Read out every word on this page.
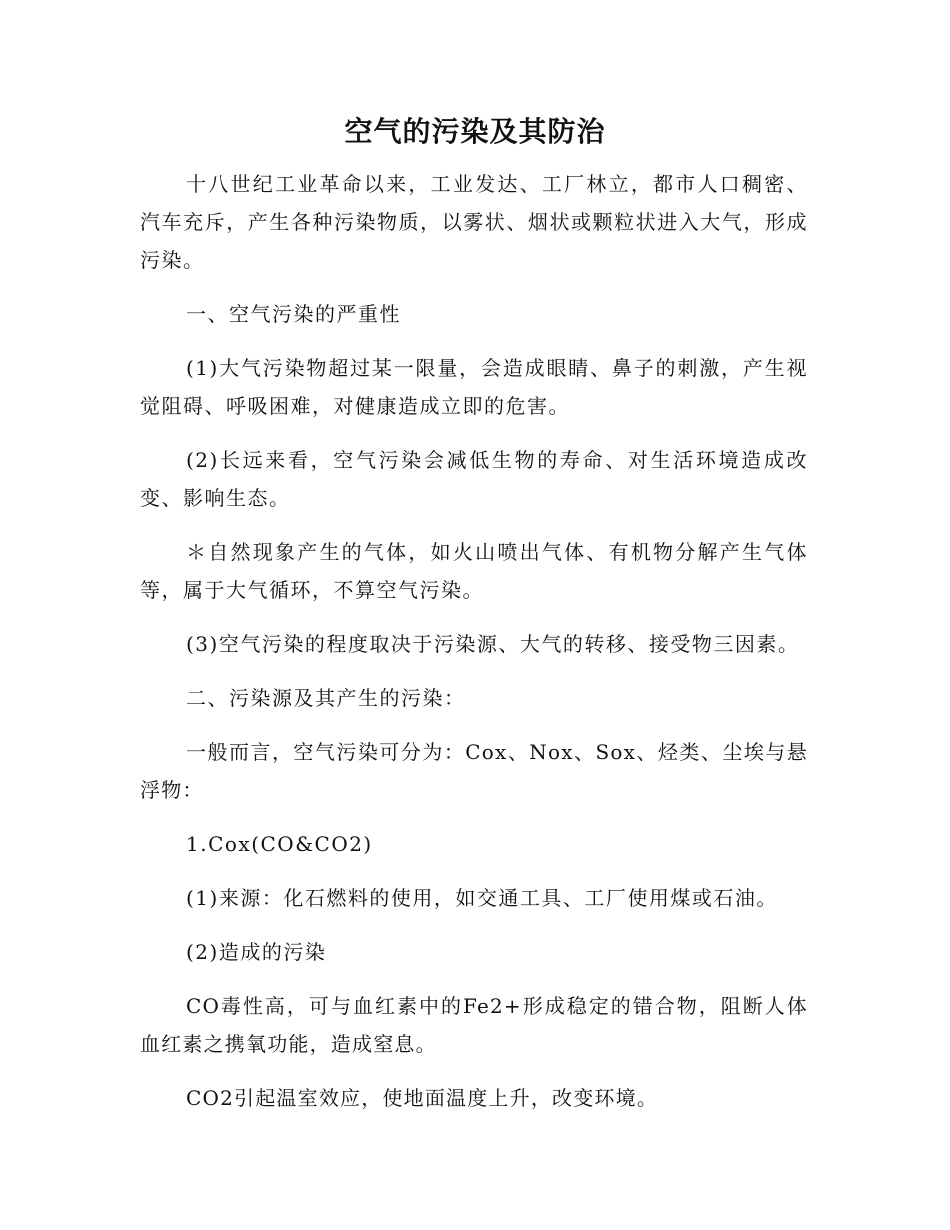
空气的污染及其防治

十八世纪工业革命以来，工业发达、工厂林立，都市人口稠密、汽车充斥，产生各种污染物质，以雾状、烟状或颗粒状进入大气，形成污染。

一、空气污染的严重性

(1)大气污染物超过某一限量，会造成眼睛、鼻子的刺激，产生视觉阻碍、呼吸困难，对健康造成立即的危害。

(2)长远来看，空气污染会减低生物的寿命、对生活环境造成改变、影响生态。

＊自然现象产生的气体，如火山喷出气体、有机物分解产生气体等，属于大气循环，不算空气污染。

(3)空气污染的程度取决于污染源、大气的转移、接受物三因素。

二、污染源及其产生的污染：

一般而言，空气污染可分为：Cox、Nox、Sox、烃类、尘埃与悬浮物：

1.Cox(CO&CO2)

(1)来源：化石燃料的使用，如交通工具、工厂使用煤或石油。

(2)造成的污染

CO毒性高，可与血红素中的Fe2+形成稳定的错合物，阻断人体血红素之携氧功能，造成窒息。

CO2引起温室效应，使地面温度上升，改变环境。
